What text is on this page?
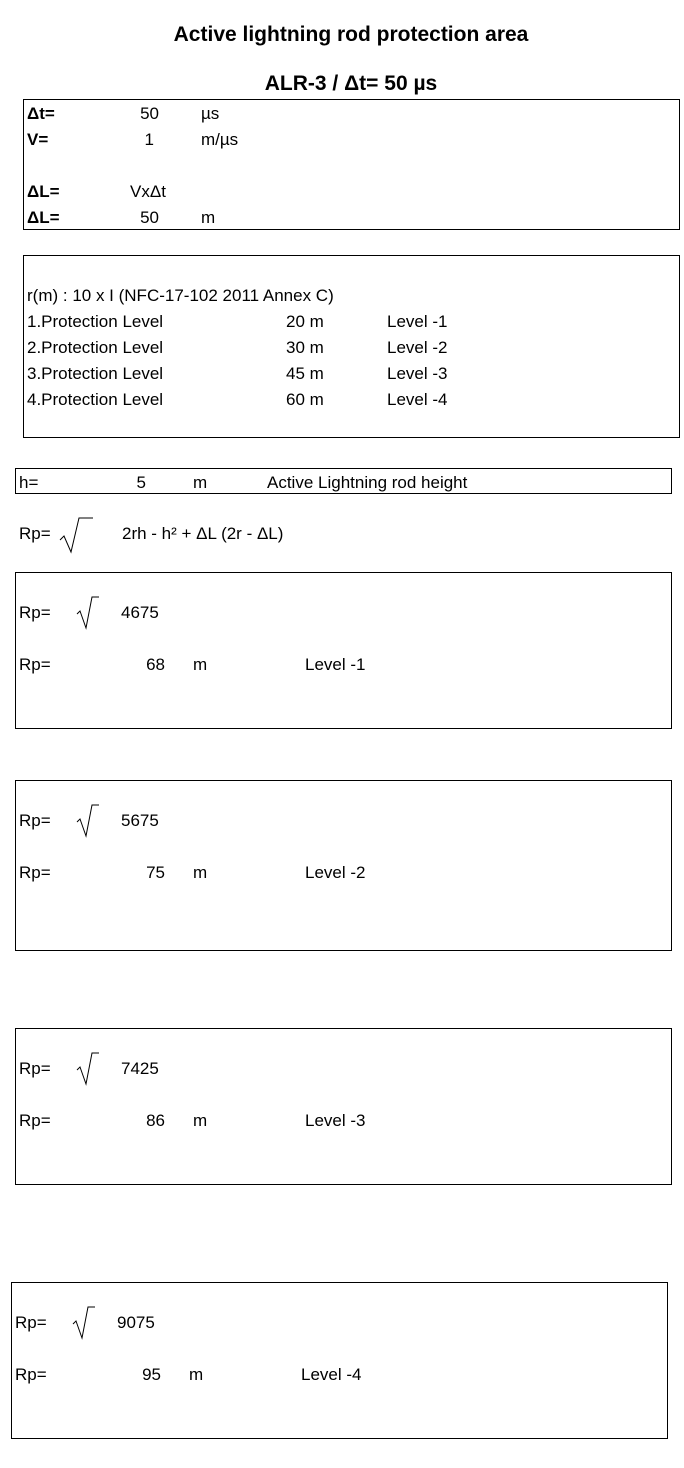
Active lightning rod protection area
ALR-3 / Δt= 50 µs
Δt=	50 µs
V=	1	m/µs
ΔL=	VxΔt
ΔL=	50 m
r(m) : 10 x I (NFC-17-102 2011 Annex C)
1.Protection Level	20 m	Level -1
2.Protection Level	30 m	Level -2
3.Protection Level	45 m	Level -3
4.Protection Level	60 m	Level -4
h=	5	m	Active Lightning rod height
Rp=	2rh - h² + ΔL (2r - ΔL)
Rp=	4675
Rp=	68 m	Level -1
Rp=	5675
Rp=	75 m	Level -2
Rp=	7425
Rp=	86 m	Level -3
Rp=	9075
Rp=	95 m	Level -4
